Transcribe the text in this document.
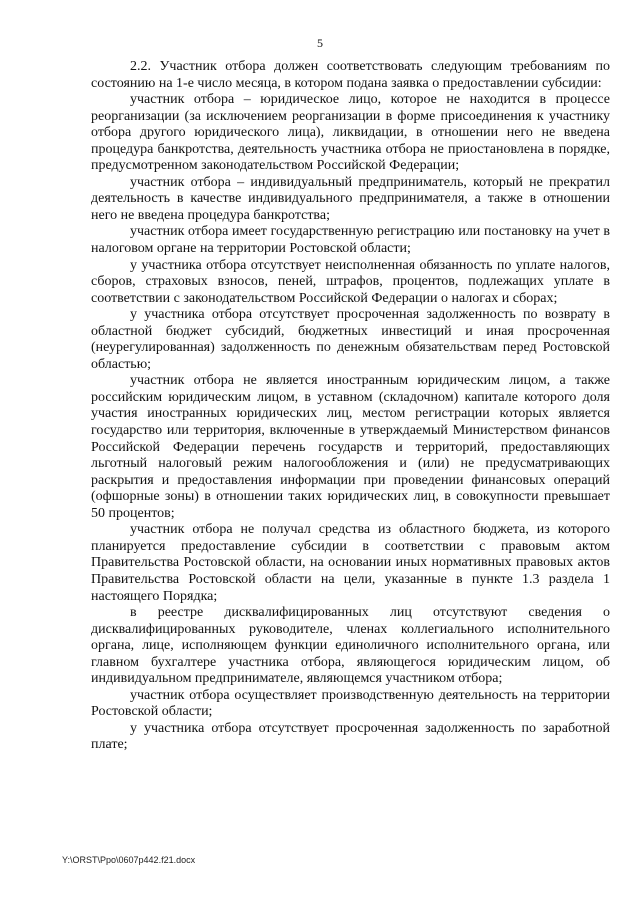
5

2.2. Участник отбора должен соответствовать следующим требованиям по состоянию на 1-е число месяца, в котором подана заявка о предоставлении субсидии:

участник отбора – юридическое лицо, которое не находится в процессе реорганизации (за исключением реорганизации в форме присоединения к участнику отбора другого юридического лица), ликвидации, в отношении него не введена процедура банкротства, деятельность участника отбора не приостановлена в порядке, предусмотренном законодательством Российской Федерации;

участник отбора – индивидуальный предприниматель, который не прекратил деятельность в качестве индивидуального предпринимателя, а также в отношении него не введена процедура банкротства;

участник отбора имеет государственную регистрацию или постановку на учет в налоговом органе на территории Ростовской области;

у участника отбора отсутствует неисполненная обязанность по уплате налогов, сборов, страховых взносов, пеней, штрафов, процентов, подлежащих уплате в соответствии с законодательством Российской Федерации о налогах и сборах;

у участника отбора отсутствует просроченная задолженность по возврату в областной бюджет субсидий, бюджетных инвестиций и иная просроченная (неурегулированная) задолженность по денежным обязательствам перед Ростовской областью;

участник отбора не является иностранным юридическим лицом, а также российским юридическим лицом, в уставном (складочном) капитале которого доля участия иностранных юридических лиц, местом регистрации которых является государство или территория, включенные в утверждаемый Министерством финансов Российской Федерации перечень государств и территорий, предоставляющих льготный налоговый режим налогообложения и (или) не предусматривающих раскрытия и предоставления информации при проведении финансовых операций (офшорные зоны) в отношении таких юридических лиц, в совокупности превышает 50 процентов;

участник отбора не получал средства из областного бюджета, из которого планируется предоставление субсидии в соответствии с правовым актом Правительства Ростовской области, на основании иных нормативных правовых актов Правительства Ростовской области на цели, указанные в пункте 1.3 раздела 1 настоящего Порядка;

в реестре дисквалифицированных лиц отсутствуют сведения о дисквалифицированных руководителе, членах коллегиального исполнительного органа, лице, исполняющем функции единоличного исполнительного органа, или главном бухгалтере участника отбора, являющегося юридическим лицом, об индивидуальном предпринимателе, являющемся участником отбора;

участник отбора осуществляет производственную деятельность на территории Ростовской области;

у участника отбора отсутствует просроченная задолженность по заработной плате;

Y:\ORST\Ppo\0607p442.f21.docx
